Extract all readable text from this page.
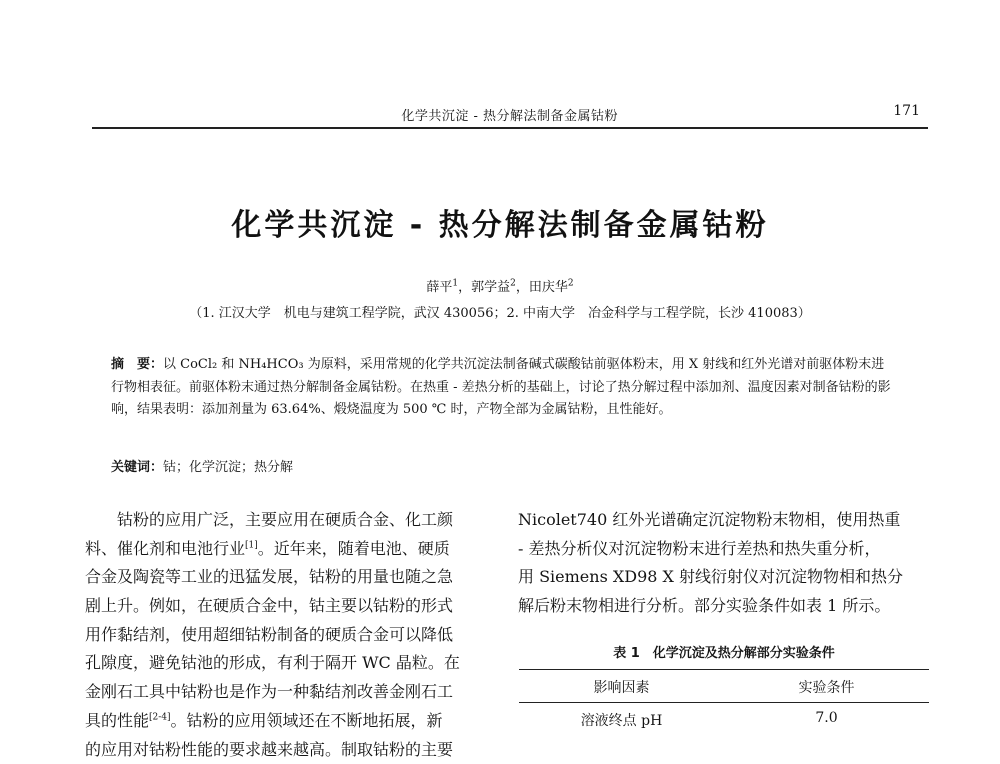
化学共沉淀 - 热分解法制备金属钴粉	171
化学共沉淀 - 热分解法制备金属钴粉
薛平$^1$，郭学益$^2$，田庆华$^2$
（1. 江汉大学　机电与建筑工程学院，武汉 430056；2. 中南大学　冶金科学与工程学院，长沙 410083）
摘　要：以 CoCl₂ 和 NH₄HCO₃ 为原料，采用常规的化学共沉淀法制备碱式碳酸钴前驱体粉末，用 X 射线和红外光谱对前驱体粉末进行物相表征。前驱体粉末通过热分解制备金属钴粉。在热重 - 差热分析的基础上，讨论了热分解过程中添加剂、温度因素对制备钴粉的影响，结果表明：添加剂量为 63.64%、煅烧温度为 500 ℃ 时，产物全部为金属钴粉，且性能好。
关键词：钴；化学沉淀；热分解
　　钴粉的应用广泛，主要应用在硬质合金、化工颜
料、催化剂和电池行业[1]。近年来，随着电池、硬质
合金及陶瓷等工业的迅猛发展，钴粉的用量也随之急
剧上升。例如，在硬质合金中，钴主要以钴粉的形式
用作黏结剂，使用超细钴粉制备的硬质合金可以降低
孔隙度，避免钴池的形成，有利于隔开 WC 晶粒。在
金刚石工具中钴粉也是作为一种黏结剂改善金刚石工
具的性能[2-4]。钴粉的应用领域还在不断地拓展，新
的应用对钴粉性能的要求越来越高。制取钴粉的主要
Nicolet740 红外光谱确定沉淀物粉末物相，使用热重
- 差热分析仪对沉淀物粉末进行差热和热失重分析，
用 Siemens XD98 X 射线衍射仪对沉淀物物相和热分
解后粉末物相进行分析。部分实验条件如表 1 所示。
表 1　化学沉淀及热分解部分实验条件
影响因素	实验条件
溶液终点 pH	7.0
